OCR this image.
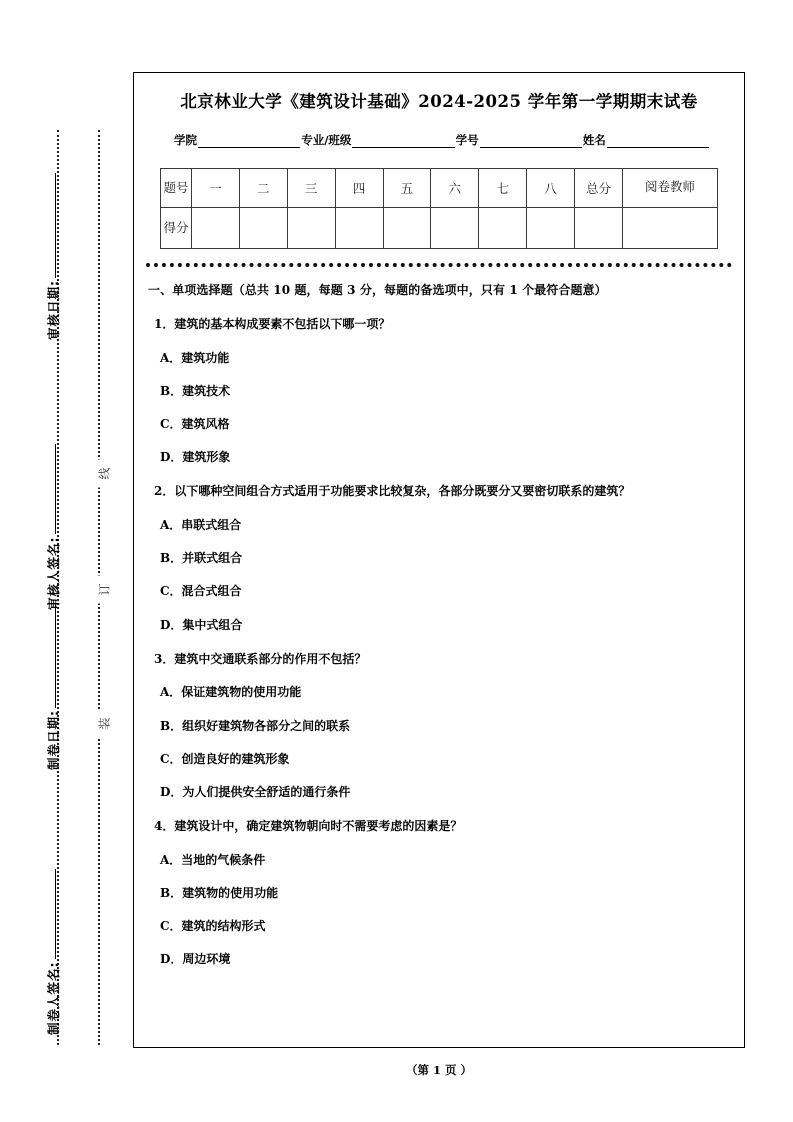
审核日期:
审核人签名:
制卷日期:
制卷人签名:
线
订
装
北京林业大学《建筑设计基础》2024‑2025 学年第一学期期末试卷
学院	专业/班级	学号	姓名
题号	一	二	三	四	五	六	七	八	总分	阅卷教师
得分										
一、单项选择题（总共 10 题，每题 3 分，每题的备选项中，只有 1 个最符合题意）
1．建筑的基本构成要素不包括以下哪一项？
A．建筑功能
B．建筑技术
C．建筑风格
D．建筑形象
2．以下哪种空间组合方式适用于功能要求比较复杂，各部分既要分又要密切联系的建筑？
A．串联式组合
B．并联式组合
C．混合式组合
D．集中式组合
3．建筑中交通联系部分的作用不包括？
A．保证建筑物的使用功能
B．组织好建筑物各部分之间的联系
C．创造良好的建筑形象
D．为人们提供安全舒适的通行条件
4．建筑设计中，确定建筑物朝向时不需要考虑的因素是？
A．当地的气候条件
B．建筑物的使用功能
C．建筑的结构形式
D．周边环境
（第 1 页 ）
